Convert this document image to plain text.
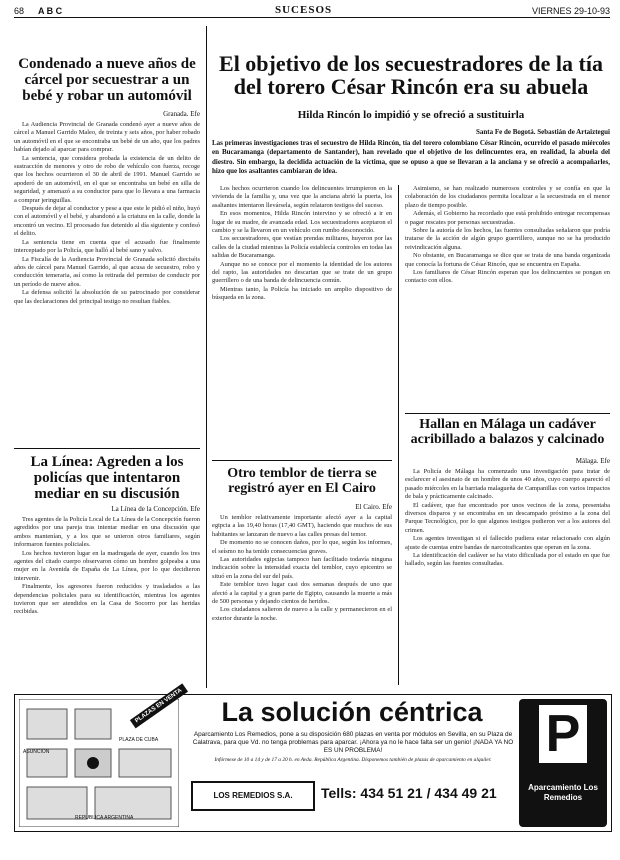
68 A B C	SUCESOS	VIERNES 29-10-93
Condenado a nueve años de cárcel por secuestrar a un bebé y robar un automóvil
Granada. Efe

La Audiencia Provincial de Granada condenó ayer a nueve años de cárcel a Manuel Garrido Maleo, de treinta y seis años, por haber robado un automóvil en el que se encontraba un bebé de un año, que los padres habían dejado al aparcar para comprar.

La sentencia, que considera probada la existencia de un delito de sustracción de menores y otro de robo de vehículo con fuerza, recoge que los hechos ocurrieron el 30 de abril de 1991. Manuel Garrido se apoderó de un automóvil, en el que se encontraba un bebé en silla de seguridad, y amenazó a su conductor para que lo llevara a una farmacia a comprar jeringuillas.

Después de dejar al conductor y pese a que este le pidió el niño, huyó con el automóvil y el bebé, y abandonó a la criatura en la calle, donde la encontró un vecino. El procesado fue detenido al día siguiente y confesó el delito.

La sentencia tiene en cuenta que el acusado fue finalmente interceptado por la Policía, que halló al bebé sano y salvo.

La Fiscalía de la Audiencia Provincial de Granada solicitó dieciséis años de cárcel para Manuel Garrido, al que acusa de secuestro, robo y conducción temeraria, así como la retirada del permiso de conducir por un período de nueve años.

La defensa solicitó la absolución de su patrocinado por considerar que las declaraciones del principal testigo no resultan fiables.

La Línea: Agreden a los policías que intentaron mediar en su discusión
La Línea de la Concepción. Efe

Tres agentes de la Policía Local de La Línea de la Concepción fueron agredidos por una pareja tras intentar mediar en una discusión que ambos mantenían, y a los que se unieron otros familiares, según informaron fuentes policiales.

Los hechos tuvieron lugar en la madrugada de ayer, cuando los tres agentes del citado cuerpo observaron cómo un hombre golpeaba a una mujer en la Avenida de España de La Línea, por lo que decidieron intervenir.

Finalmente, los agresores fueron reducidos y trasladados a las dependencias policiales para su identificación, mientras los agentes tuvieron que ser atendidos en la Casa de Socorro por las heridas recibidas.

El objetivo de los secuestradores de la tía del torero César Rincón era su abuela
Hilda Rincón lo impidió y se ofreció a sustituirla
Santa Fe de Bogotá. Sebastián de Artaiztegui
Las primeras investigaciones tras el secuestro de Hilda Rincón, tía del torero colombiano César Rincón, ocurrido el pasado miércoles en Bucaramanga (departamento de Santander), han revelado que el objetivo de los delincuentes era, en realidad, la abuela del diestro. Sin embargo, la decidida actuación de la víctima, que se opuso a que se llevaran a la anciana y se ofreció a acompañarles, hizo que los asaltantes cambiaran de idea.

Los hechos ocurrieron cuando los delincuentes irrumpieron en la vivienda de la familia y, una vez que la anciana abrió la puerta, los asaltantes intentaron llevársela, según relataron testigos del suceso.

En esos momentos, Hilda Rincón intervino y se ofreció a ir en lugar de su madre, de avanzada edad. Los secuestradores aceptaron el cambio y se la llevaron en un vehículo con rumbo desconocido.

Los secuestradores, que vestían prendas militares, huyeron por las calles de la ciudad mientras la Policía establecía controles en todas las salidas de Bucaramanga.

Aunque no se conoce por el momento la identidad de los autores del rapto, las autoridades no descartan que se trate de un grupo guerrillero o de una banda de delincuencia común.

Mientras tanto, la Policía ha iniciado un amplio dispositivo de búsqueda en la zona.

Asimismo, se han realizado numerosos controles y se confía en que la colaboración de los ciudadanos permita localizar a la secuestrada en el menor plazo de tiempo posible.

Además, el Gobierno ha recordado que está prohibido entregar recompensas o pagar rescates por personas secuestradas.

Sobre la autoría de los hechos, las fuentes consultadas señalaron que podría tratarse de la acción de algún grupo guerrillero, aunque no se ha producido reivindicación alguna.

No obstante, en Bucaramanga se dice que se trata de una banda organizada que conocía la fortuna de César Rincón, que se encuentra en España.

Los familiares de César Rincón esperan que los delincuentes se pongan en contacto con ellos.

Otro temblor de tierra se registró ayer en El Cairo
El Cairo. Efe

Un temblor relativamente importante afectó ayer a la capital egipcia a las 19,40 horas (17,40 GMT), haciendo que muchos de sus habitantes se lanzaran de nuevo a las calles presas del temor.

De momento no se conocen daños, por lo que, según los informes, el seísmo no ha tenido consecuencias graves.

Las autoridades egipcias tampoco han facilitado todavía ninguna indicación sobre la intensidad exacta del temblor, cuyo epicentro se situó en la zona del sur del país.

Este temblor tuvo lugar casi dos semanas después de uno que afectó a la capital y a gran parte de Egipto, causando la muerte a más de 500 personas y dejando cientos de heridos.

Los ciudadanos salieron de nuevo a la calle y permanecieron en el exterior durante la noche.

Hallan en Málaga un cadáver acribillado a balazos y calcinado
Málaga. Efe

La Policía de Málaga ha comenzado una investigación para tratar de esclarecer el asesinato de un hombre de unos 40 años, cuyo cuerpo apareció el pasado miércoles en la barriada malagueña de Campanillas con varios impactos de bala y prácticamente calcinado.

El cadáver, que fue encontrado por unos vecinos de la zona, presentaba diversos disparos y se encontraba en un descampado próximo a la zona del Parque Tecnológico, por lo que algunos testigos pudieron ver a los autores del crimen.

Los agentes investigan si el fallecido pudiera estar relacionado con algún ajuste de cuentas entre bandas de narcotraficantes que operan en la zona.

La identificación del cadáver se ha visto dificultada por el estado en que fue hallado, según las fuentes consultadas.

ASUNCION
REPUBLICA ARGENTINA
PLAZA DE CUBA
PLAZAS EN VENTA	La solución céntrica
Aparcamiento Los Remedios, pone a su disposición 680 plazas en venta por módulos en Sevilla, en su Plaza de Calatrava, para que Vd. no tenga problemas para aparcar. ¡Ahora ya no le hace falta ser un genio! ¡NADA YA NO ES UN PROBLEMA!
Infórmese de 10 a 14 y de 17 a 20 h. en Avda. República Argentina. Disponemos también de plazas de aparcamiento en alquiler.
LOS REMEDIOS S.A.	Tells: 434 51 21 / 434 49 21
P
Aparcamiento Los Remedios
